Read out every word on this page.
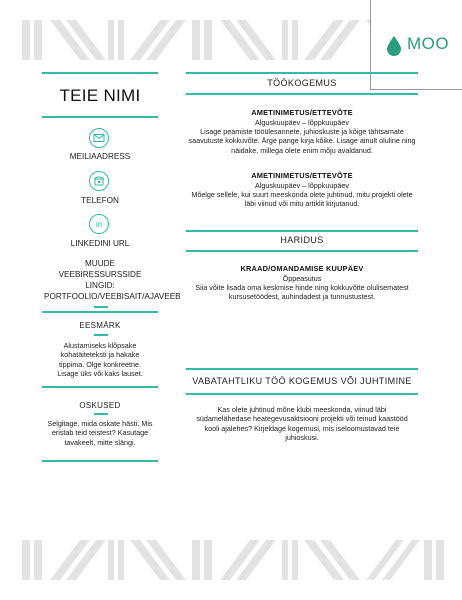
MOO
TEIE NIMI
MEILIAADRESS
TELEFON
in
LINKEDINI URL
MUUDE VEEBIRESSURSSIDE LINGID: PORTFOOLIO/VEEBISAIT/AJAVEEB
EESMÄRK
Alustamiseks klõpsake kohatäiteteksti ja hakake tippima. Olge konkreetne. Lisage üks või kaks lauset.
OSKUSED
Selgitage, mida oskate hästi. Mis eristab teid teistest? Kasutage tavakeelt, mitte slängi.
TÖÖKOGEMUS
AMETINIMETUS/ETTEVÕTE
Alguskuupäev – lõppkuupäev
Lisage peamiste tööülesannete, juhioskuste ja kõige tähtsamate saavutuste kokkuvõte. Ärge pange kirja kõike. Lisage ainult oluline ning näidake, millega olete enim mõju avaldanud.
AMETINIMETUS/ETTEVÕTE
Alguskuupäev – lõppkuupäev
Mõelge sellele, kui suurt meeskonda olete juhtinud, mitu projekti olete läbi viinud või mitu artiklit kirjutanud.
HARIDUS
KRAAD/OMANDAMISE KUUPÄEV
Õppeasutus
Siia võite lisada oma keskmise hinde ning kokkuvõtte olulisematest kursusetöödest, auhindadest ja tunnustustest.
VABATAHTLIKU TÖÖ KOGEMUS VÕI JUHTIMINE
Kas olete juhtinud mõne klubi meeskonda, viinud läbi südamelähedase heategevusaktsiooni projekti või teinud kaastööd kooli ajalehes? Kirjeldage kogemusi, mis iseloomustavad teie juhioskusi.
